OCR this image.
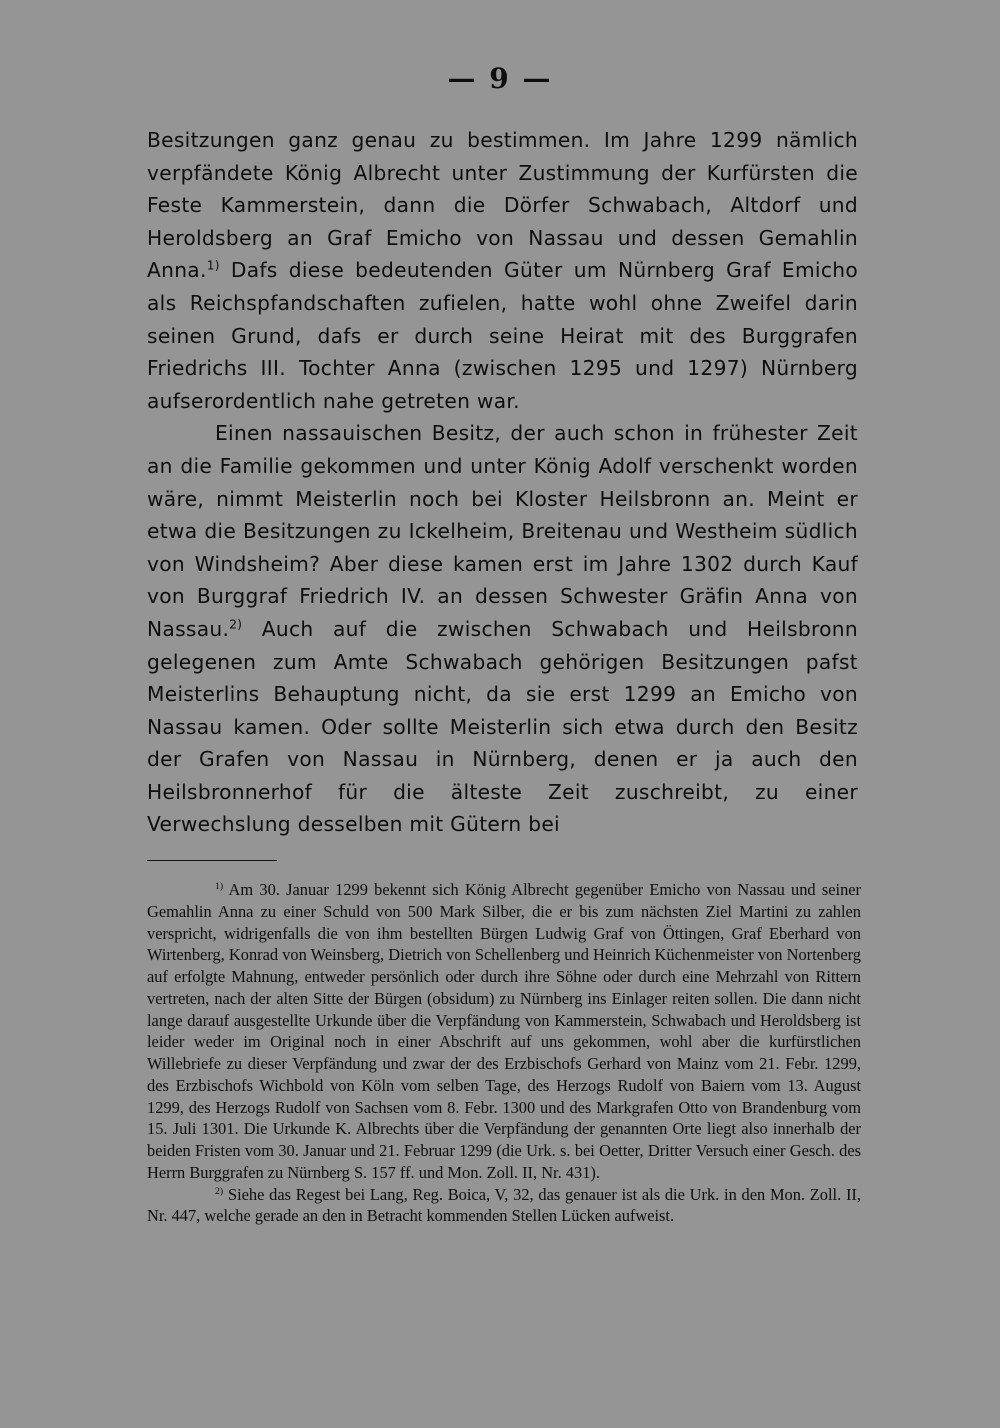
— 9 —

Besitzungen ganz genau zu bestimmen. Im Jahre 1299 nämlich verpfändete König Albrecht unter Zustimmung der Kurfürsten die Feste Kammerstein, dann die Dörfer Schwabach, Altdorf und Heroldsberg an Graf Emicho von Nassau und dessen Gemahlin Anna.$^{1)}$ Dafs diese bedeutenden Güter um Nürnberg Graf Emicho als Reichspfandschaften zufielen, hatte wohl ohne Zweifel darin seinen Grund, dafs er durch seine Heirat mit des Burggrafen Friedrichs III. Tochter Anna (zwischen 1295 und 1297) Nürnberg aufserordentlich nahe getreten war.

Einen nassauischen Besitz, der auch schon in frühester Zeit an die Familie gekommen und unter König Adolf verschenkt worden wäre, nimmt Meisterlin noch bei Kloster Heilsbronn an. Meint er etwa die Besitzungen zu Ickelheim, Breitenau und Westheim südlich von Windsheim? Aber diese kamen erst im Jahre 1302 durch Kauf von Burggraf Friedrich IV. an dessen Schwester Gräfin Anna von Nassau.$^{2)}$ Auch auf die zwischen Schwabach und Heilsbronn gelegenen zum Amte Schwabach gehörigen Besitzungen pafst Meisterlins Behauptung nicht, da sie erst 1299 an Emicho von Nassau kamen. Oder sollte Meisterlin sich etwa durch den Besitz der Grafen von Nassau in Nürnberg, denen er ja auch den Heilsbronnerhof für die älteste Zeit zuschreibt, zu einer Verwechslung desselben mit Gütern bei

$^{1)}$ Am 30. Januar 1299 bekennt sich König Albrecht gegenüber Emicho von Nassau und seiner Gemahlin Anna zu einer Schuld von 500 Mark Silber, die er bis zum nächsten Ziel Martini zu zahlen verspricht, widrigenfalls die von ihm bestellten Bürgen Ludwig Graf von Öttingen, Graf Eberhard von Wirtenberg, Konrad von Weinsberg, Dietrich von Schellenberg und Heinrich Küchenmeister von Nortenberg auf erfolgte Mahnung, entweder persönlich oder durch ihre Söhne oder durch eine Mehrzahl von Rittern vertreten, nach der alten Sitte der Bürgen (obsidum) zu Nürnberg ins Einlager reiten sollen. Die dann nicht lange darauf ausgestellte Urkunde über die Verpfändung von Kammerstein, Schwabach und Heroldsberg ist leider weder im Original noch in einer Abschrift auf uns gekommen, wohl aber die kurfürstlichen Willebriefe zu dieser Verpfändung und zwar der des Erzbischofs Gerhard von Mainz vom 21. Febr. 1299, des Erzbischofs Wichbold von Köln vom selben Tage, des Herzogs Rudolf von Baiern vom 13. August 1299, des Herzogs Rudolf von Sachsen vom 8. Febr. 1300 und des Markgrafen Otto von Brandenburg vom 15. Juli 1301. Die Urkunde K. Albrechts über die Verpfändung der genannten Orte liegt also innerhalb der beiden Fristen vom 30. Januar und 21. Februar 1299 (die Urk. s. bei Oetter, Dritter Versuch einer Gesch. des Herrn Burggrafen zu Nürnberg S. 157 ff. und Mon. Zoll. II, Nr. 431).

$^{2)}$ Siehe das Regest bei Lang, Reg. Boica, V, 32, das genauer ist als die Urk. in den Mon. Zoll. II, Nr. 447, welche gerade an den in Betracht kommenden Stellen Lücken aufweist.
